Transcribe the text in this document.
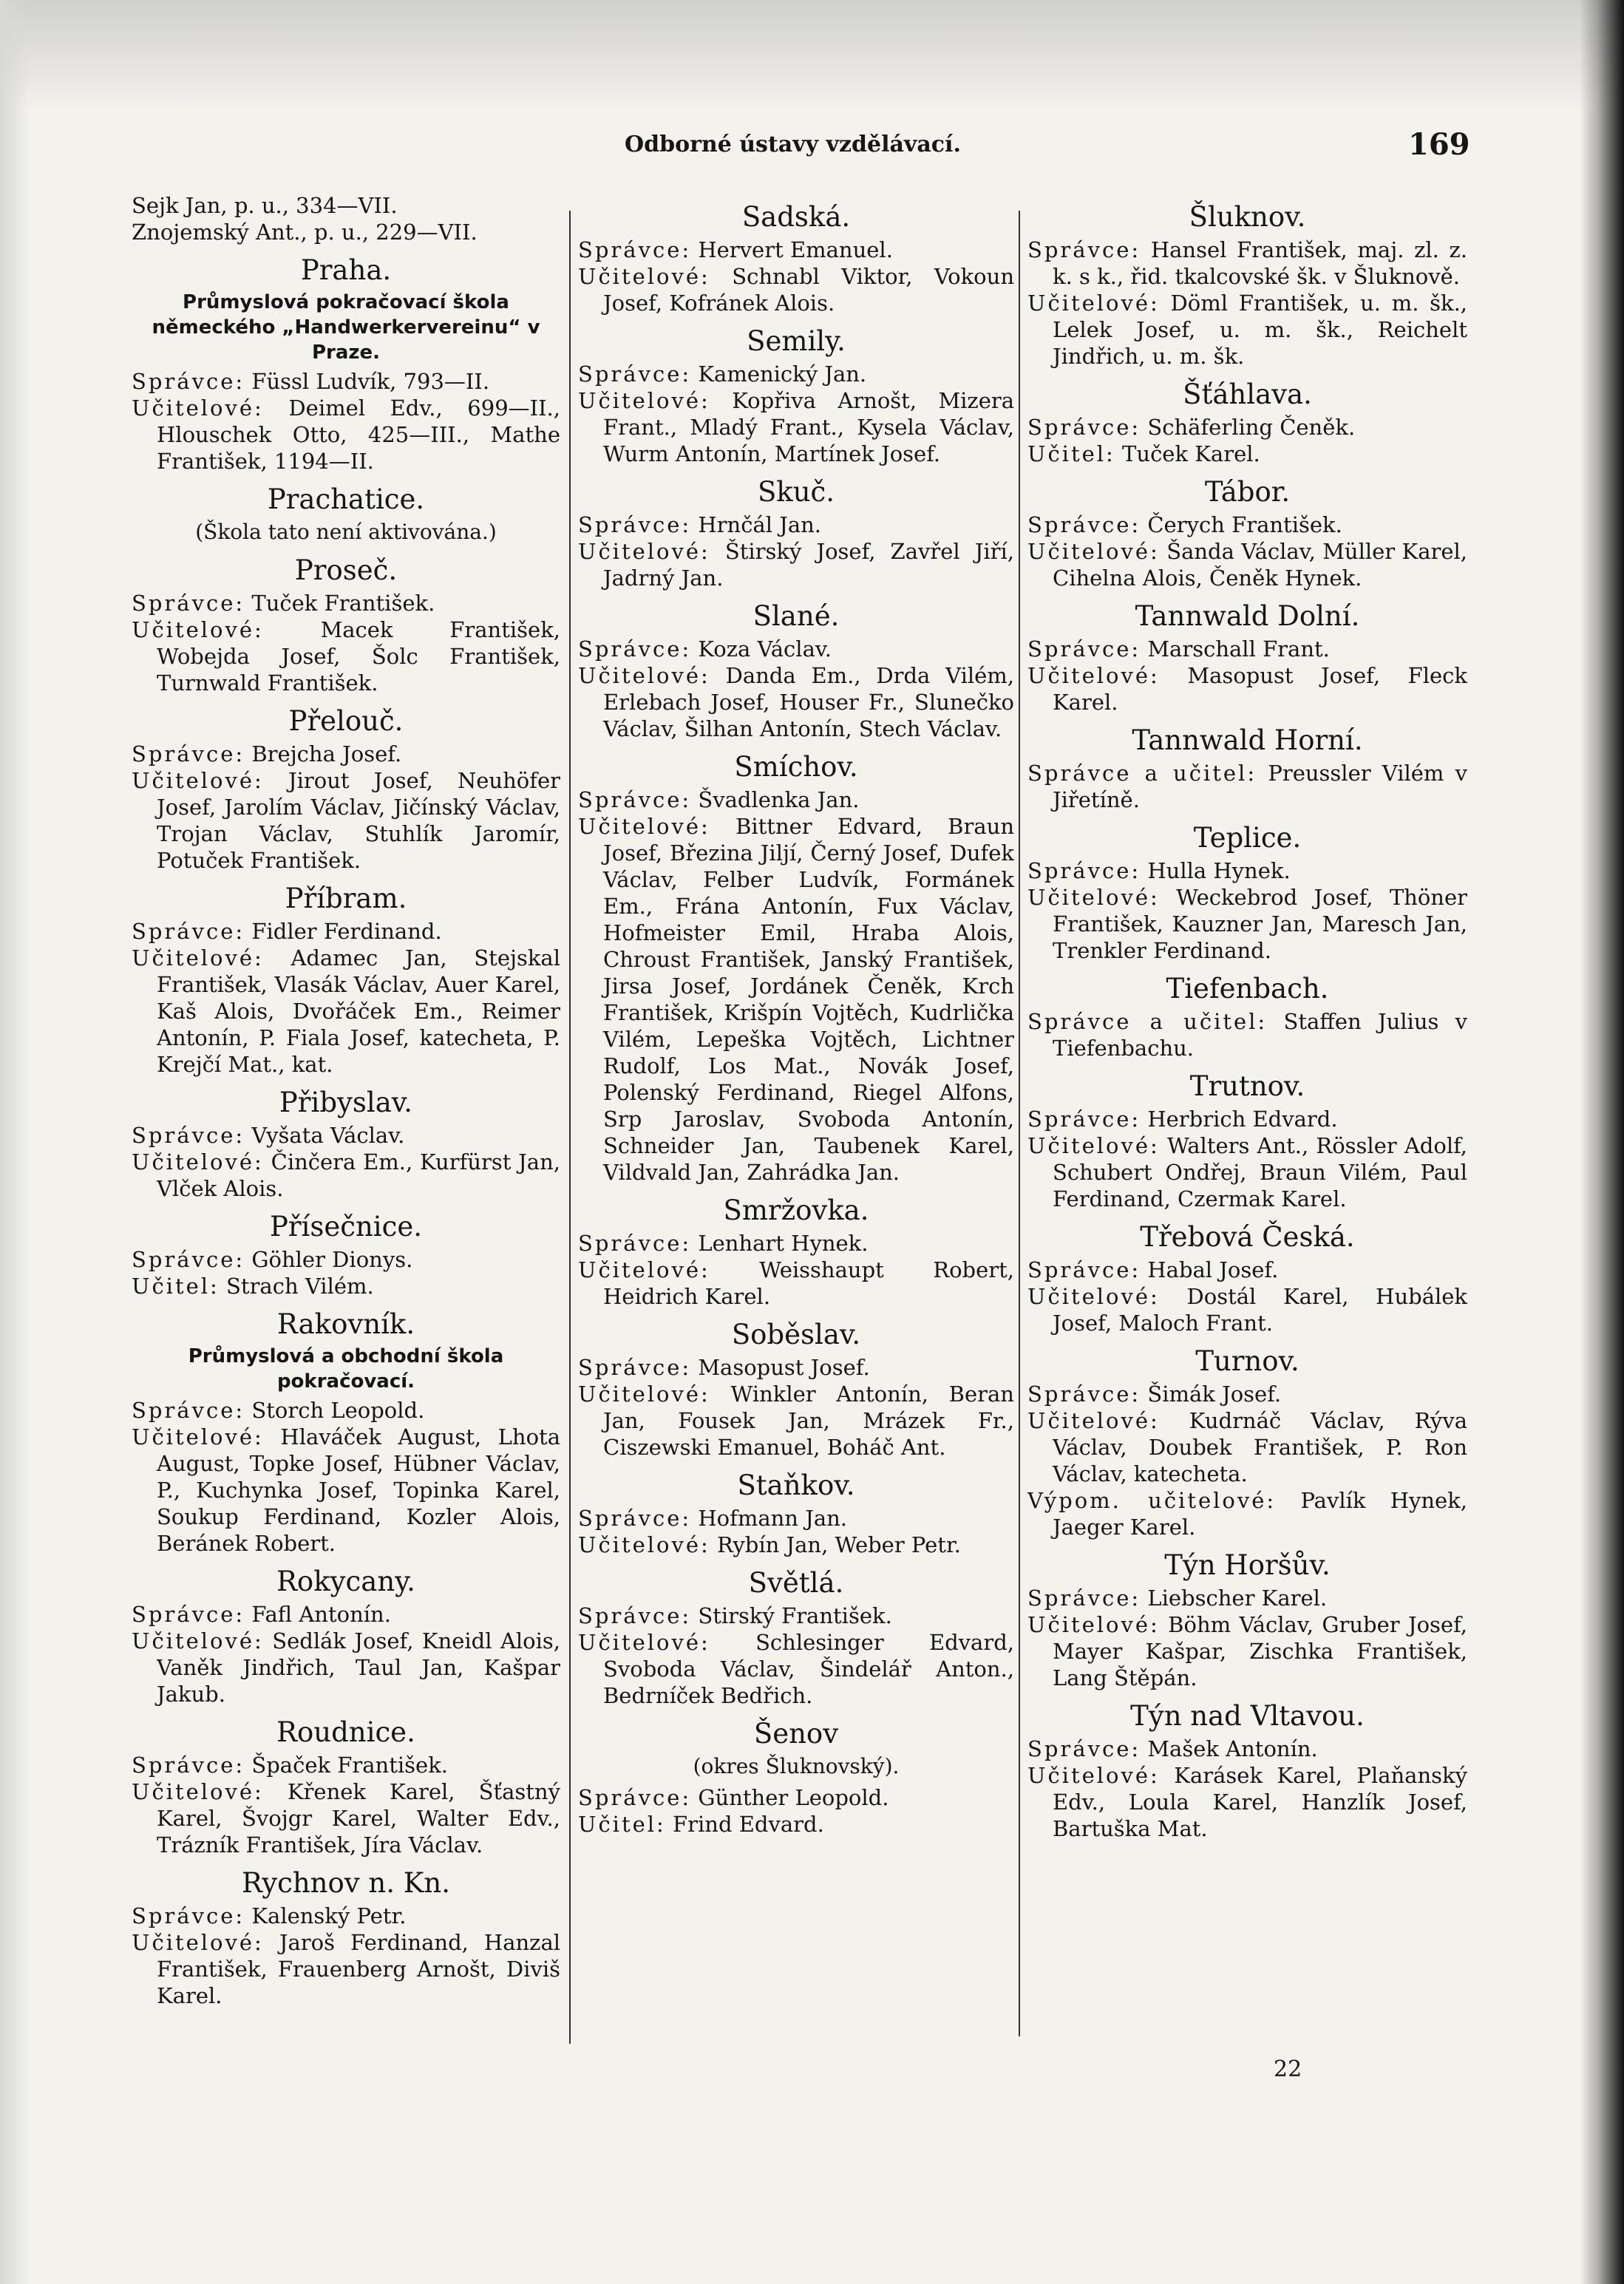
Odborné ústavy vzdělávací.	169
Sejk Jan, p. u., 334—VII.
Znojemský Ant., p. u., 229—VII.
Praha.
Průmyslová pokračovací škola německého „Handwerkervereinu“ v Praze.
Správce: Füssl Ludvík, 793—II.
Učitelové: Deimel Edv., 699—II., Hlouschek Otto, 425—III., Mathe František, 1194—II.
Prachatice.
(Škola tato není aktivována.)
Proseč.
Správce: Tuček František.
Učitelové:	Macek František, Wobejda Josef, Šolc František, Turnwald František.
Přelouč.
Správce: Brejcha Josef.
Učitelové: Jirout Josef, Neuhöfer Josef, Jarolím Václav, Jičínský Václav, Trojan Václav, Stuhlík Jaromír, Potuček František.
Příbram.
Správce: Fidler Ferdinand.
Učitelové: Adamec Jan, Stejskal František, Vlasák Václav, Auer Karel, Kaš Alois, Dvořáček Em., Reimer Antonín, P. Fiala Josef, katecheta, P. Krejčí Mat., kat.
Přibyslav.
Správce: Vyšata Václav.
Učitelové: Činčera Em., Kurfürst Jan, Vlček Alois.
Přísečnice.
Správce: Göhler Dionys.
Učitel: Strach Vilém.
Rakovník.
Průmyslová a obchodní škola pokračovací.
Správce: Storch Leopold.
Učitelové: Hlaváček August, Lhota August, Topke Josef, Hübner Václav, P., Kuchynka Josef, Topinka Karel, Soukup Ferdinand, Kozler Alois, Beránek Robert.
Rokycany.
Správce: Fafl Antonín.
Učitelové: Sedlák Josef, Kneidl Alois, Vaněk Jindřich, Taul Jan, Kašpar Jakub.
Roudnice.
Správce: Špaček František.
Učitelové: Křenek Karel, Šťastný Karel, Švojgr Karel, Walter Edv., Trázník František, Jíra Václav.
Rychnov n. Kn.
Správce: Kalenský Petr.
Učitelové: Jaroš Ferdinand, Hanzal František, Frauenberg Arnošt, Diviš Karel.
Sadská.
Správce: Hervert Emanuel.
Učitelové: Schnabl Viktor, Vokoun Josef, Kofránek Alois.
Semily.
Správce: Kamenický Jan.
Učitelové: Kopřiva Arnošt, Mizera Frant., Mladý Frant., Kysela Václav, Wurm Antonín, Martínek Josef.
Skuč.
Správce: Hrnčál Jan.
Učitelové: Štirský Josef, Zavřel Jiří, Jadrný Jan.
Slané.
Správce: Koza Václav.
Učitelové: Danda Em., Drda Vilém, Erlebach Josef, Houser Fr., Slunečko Václav, Šilhan Antonín, Stech Václav.
Smíchov.
Správce: Švadlenka Jan.
Učitelové: Bittner Edvard, Braun Josef, Březina Jiljí, Černý Josef, Dufek Václav, Felber Ludvík, Formánek Em., Frána Antonín, Fux Václav, Hofmeister Emil, Hraba Alois, Chroust František, Janský František, Jirsa Josef, Jordánek Čeněk, Krch František, Krišpín Vojtěch, Kudrlička Vilém, Lepeška Vojtěch, Lichtner Rudolf, Los Mat., Novák Josef, Polenský Ferdinand, Riegel Alfons, Srp Jaroslav, Svoboda Antonín, Schneider Jan, Taubenek Karel, Vildvald Jan, Zahrádka Jan.
Smržovka.
Správce: Lenhart Hynek.
Učitelové: Weisshaupt Robert, Heidrich Karel.
Soběslav.
Správce: Masopust Josef.
Učitelové: Winkler Antonín, Beran Jan, Fousek Jan, Mrázek Fr., Ciszewski Emanuel, Boháč Ant.
Staňkov.
Správce: Hofmann Jan.
Učitelové: Rybín Jan, Weber Petr.
Světlá.
Správce: Stirský František.
Učitelové: Schlesinger Edvard, Svoboda Václav, Šindelář Anton., Bedrníček Bedřich.
Šenov
(okres Šluknovský).
Správce: Günther Leopold.
Učitel: Frind Edvard.
Šluknov.
Správce: Hansel František, maj. zl. z. k. s k., řid. tkalcovské šk. v Šluknově.
Učitelové: Döml František, u. m. šk., Lelek Josef, u. m. šk., Reichelt Jindřich, u. m. šk.
Šťáhlava.
Správce: Schäferling Čeněk.
Učitel: Tuček Karel.
Tábor.
Správce: Čerych František.
Učitelové: Šanda Václav, Müller Karel, Cihelna Alois, Čeněk Hynek.
Tannwald Dolní.
Správce: Marschall Frant.
Učitelové: Masopust Josef, Fleck Karel.
Tannwald Horní.
Správce a učitel: Preussler Vilém v Jiřetíně.
Teplice.
Správce: Hulla Hynek.
Učitelové: Weckebrod Josef, Thöner František, Kauzner Jan, Maresch Jan, Trenkler Ferdinand.
Tiefenbach.
Správce a učitel: Staffen Julius v Tiefenbachu.
Trutnov.
Správce: Herbrich Edvard.
Učitelové: Walters Ant., Rössler Adolf, Schubert Ondřej, Braun Vilém, Paul Ferdinand, Czermak Karel.
Třebová Česká.
Správce: Habal Josef.
Učitelové: Dostál Karel, Hubálek Josef, Maloch Frant.
Turnov.
Správce: Šimák Josef.
Učitelové: Kudrnáč Václav, Rýva Václav, Doubek František, P. Ron Václav, katecheta.
Výpom. učitelové: Pavlík Hynek, Jaeger Karel.
Týn Horšův.
Správce: Liebscher Karel.
Učitelové: Böhm Václav, Gruber Josef, Mayer Kašpar, Zischka František, Lang Štěpán.
Týn nad Vltavou.
Správce: Mašek Antonín.
Učitelové: Karásek Karel, Plaňanský Edv., Loula Karel, Hanzlík Josef, Bartuška Mat.
22
